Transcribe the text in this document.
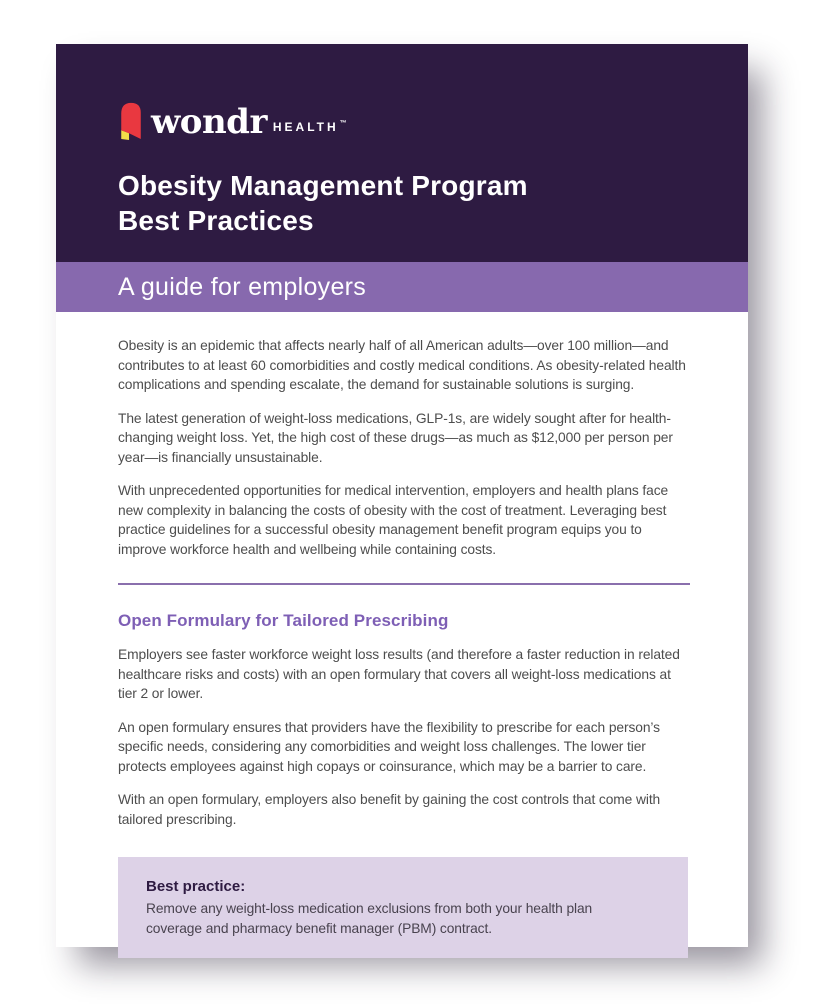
wondr HEALTH ™
Obesity Management Program
Best Practices
A guide for employers

Obesity is an epidemic that affects nearly half of all American adults—over 100 million—and contributes to at least 60 comorbidities and costly medical conditions. As obesity-related health complications and spending escalate, the demand for sustainable solutions is surging.

The latest generation of weight-loss medications, GLP-1s, are widely sought after for health-changing weight loss. Yet, the high cost of these drugs—as much as $12,000 per person per year—is financially unsustainable.

With unprecedented opportunities for medical intervention, employers and health plans face new complexity in balancing the costs of obesity with the cost of treatment. Leveraging best practice guidelines for a successful obesity management benefit program equips you to improve workforce health and wellbeing while containing costs.

Open Formulary for Tailored Prescribing

Employers see faster workforce weight loss results (and therefore a faster reduction in related healthcare risks and costs) with an open formulary that covers all weight-loss medications at tier 2 or lower.

An open formulary ensures that providers have the flexibility to prescribe for each person’s specific needs, considering any comorbidities and weight loss challenges. The lower tier protects employees against high copays or coinsurance, which may be a barrier to care.

With an open formulary, employers also benefit by gaining the cost controls that come with tailored prescribing.

Best practice:
Remove any weight-loss medication exclusions from both your health plan coverage and pharmacy benefit manager (PBM) contract.
